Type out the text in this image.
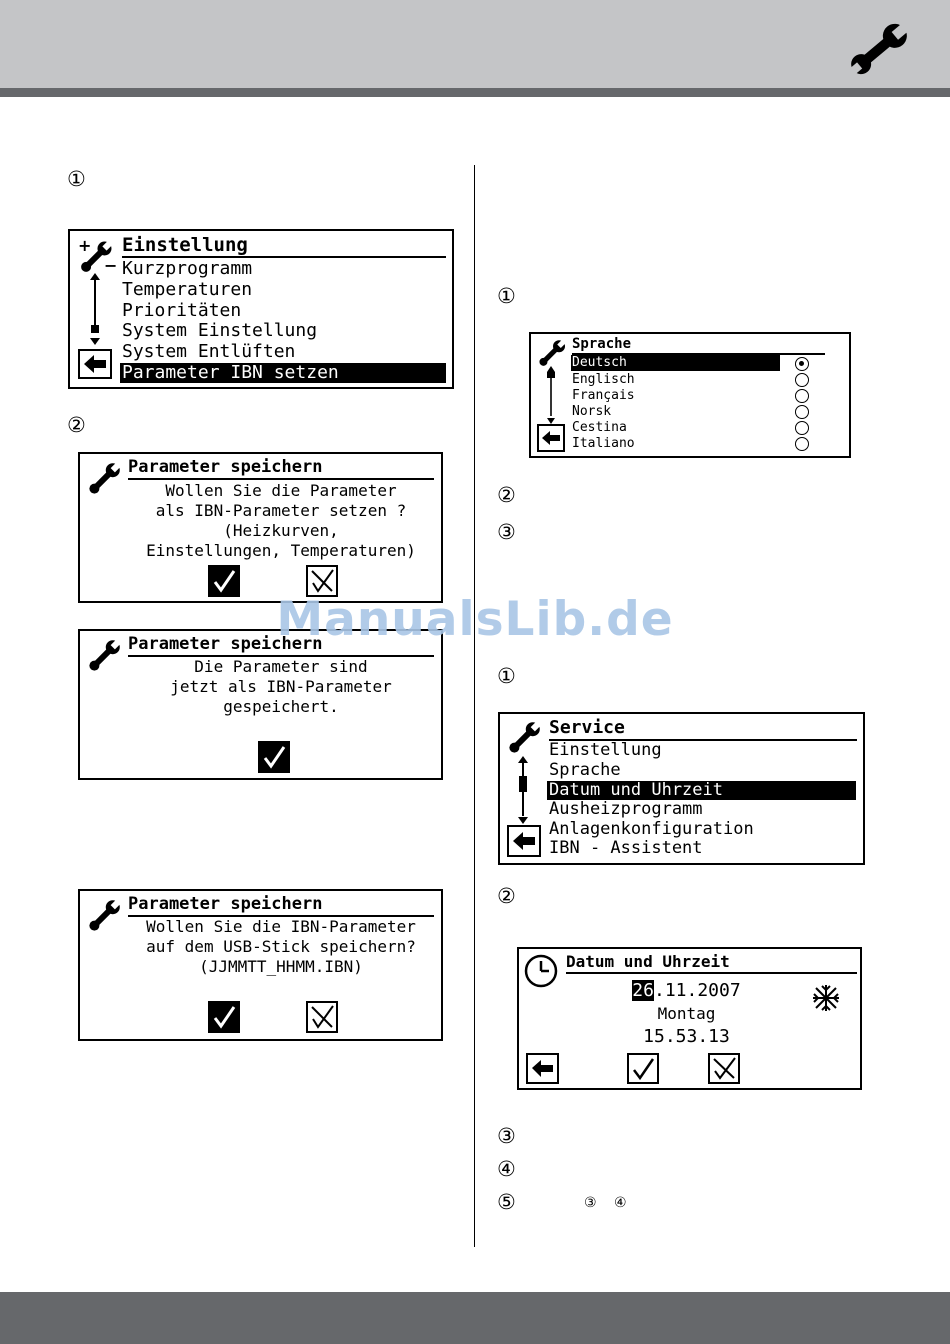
①
+
−
Einstellung
Kurzprogramm
Temperaturen
Prioritäten
System Einstellung
System Entlüften
Parameter IBN setzen
②
Parameter speichern
Wollen Sie die Parameter
als IBN-Parameter setzen ?
(Heizkurven,
Einstellungen, Temperaturen)
Parameter speichern
Die Parameter sind
jetzt als IBN-Parameter
gespeichert.
Parameter speichern
Wollen Sie die IBN-Parameter
auf dem USB-Stick speichern?
(JJMMTT_HHMM.IBN)
①
Sprache
Deutsch
Englisch
Français
Norsk
Cestina
Italiano
②
③
ManualsLib.de
①
Service
Einstellung
Sprache
Datum und Uhrzeit
Ausheizprogramm
Anlagenkonfiguration
IBN - Assistent
②
Datum und Uhrzeit
26.11.2007
Montag
15.53.13
③
④
⑤	③ ④
